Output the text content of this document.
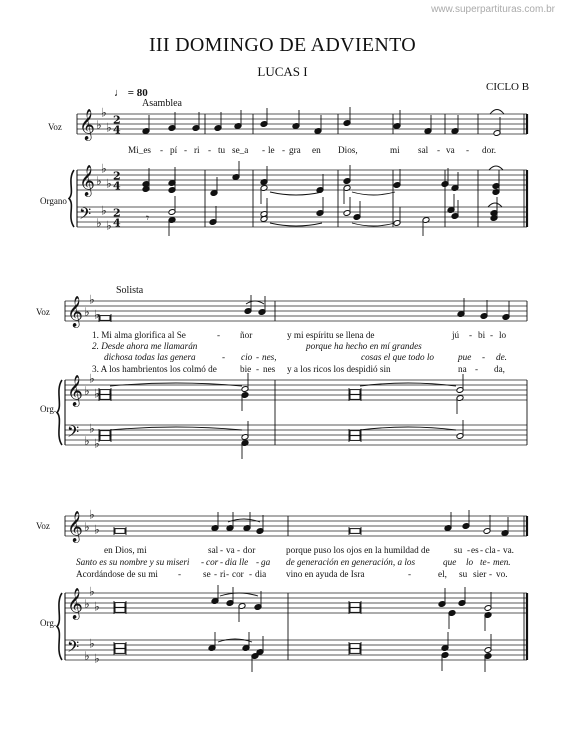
www.superpartituras.com.br
III DOMINGO DE ADVIENTO
LUCAS I
CICLO B
♩ = 80
Asamblea
Voz
Organo
Mi_es - pí - ri - tu se_a - le - gra en Dios,	mi sal - va - dor.
Solista
Voz
Org.
1. Mi alma glorifica al Se	- ñor	y mi espíritu se llena de	jú - bi - lo
2. Desde ahora me llamarán	porque ha hecho en mí grandes
dichosa todas las genera	- cio - nes,	cosas el que todo lo	pue - de.
3. A los hambrientos los colmó de	bie - nes y a los ricos los despidió sin	na - da,
Voz
Org.
en Dios, mi	sal - va - dor	porque puso los ojos en la humildad de	su - es - cla - va.
Santo es su nombre y su miseri - cor - dia lle - ga de generación en generación, a los	que lo te - men.
Acordándose de su mi - se - ri - cor - dia vino en ayuda de Isra	-	el, su sier - vo.
𝄞
𝄞
𝄢
♭
♭
♭
♭
♭
♭
♭
♭
♭
2
4
2
4
2
4 𝄾
𝄞
𝄞
𝄢
♭
♭
♭
♭
♭
♭
♭
♭
♭
𝄞
𝄞
𝄢
♭
♭
♭
♭
♭
♭
♭
♭
♭
